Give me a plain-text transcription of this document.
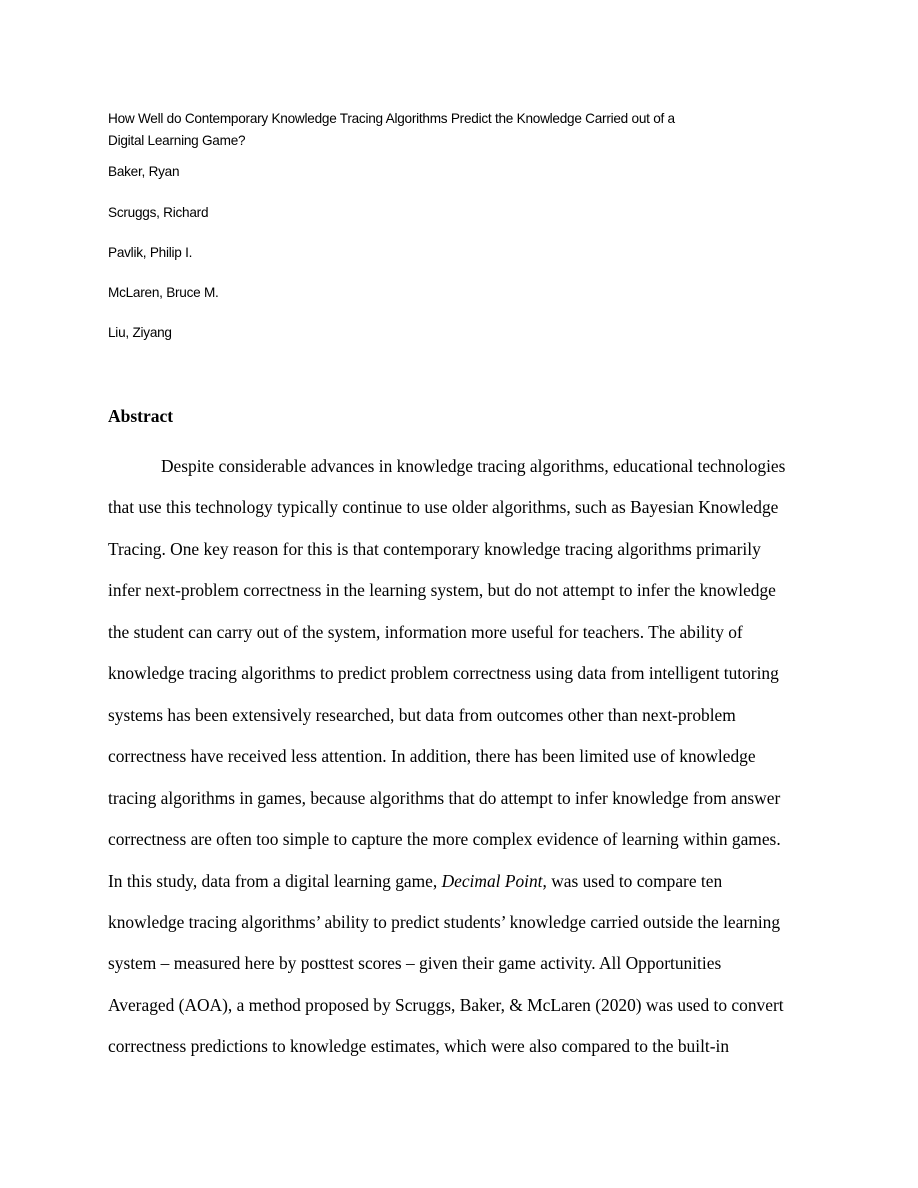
How Well do Contemporary Knowledge Tracing Algorithms Predict the Knowledge Carried out of a
Digital Learning Game?
Baker, Ryan
Scruggs, Richard
Pavlik, Philip I.
McLaren, Bruce M.
Liu, Ziyang
Abstract
Despite considerable advances in knowledge tracing algorithms, educational technologies
that use this technology typically continue to use older algorithms, such as Bayesian Knowledge
Tracing. One key reason for this is that contemporary knowledge tracing algorithms primarily
infer next-problem correctness in the learning system, but do not attempt to infer the knowledge
the student can carry out of the system, information more useful for teachers. The ability of
knowledge tracing algorithms to predict problem correctness using data from intelligent tutoring
systems has been extensively researched, but data from outcomes other than next-problem
correctness have received less attention. In addition, there has been limited use of knowledge
tracing algorithms in games, because algorithms that do attempt to infer knowledge from answer
correctness are often too simple to capture the more complex evidence of learning within games.
In this study, data from a digital learning game, Decimal Point, was used to compare ten
knowledge tracing algorithms’ ability to predict students’ knowledge carried outside the learning
system – measured here by posttest scores – given their game activity. All Opportunities
Averaged (AOA), a method proposed by Scruggs, Baker, & McLaren (2020) was used to convert
correctness predictions to knowledge estimates, which were also compared to the built-in
